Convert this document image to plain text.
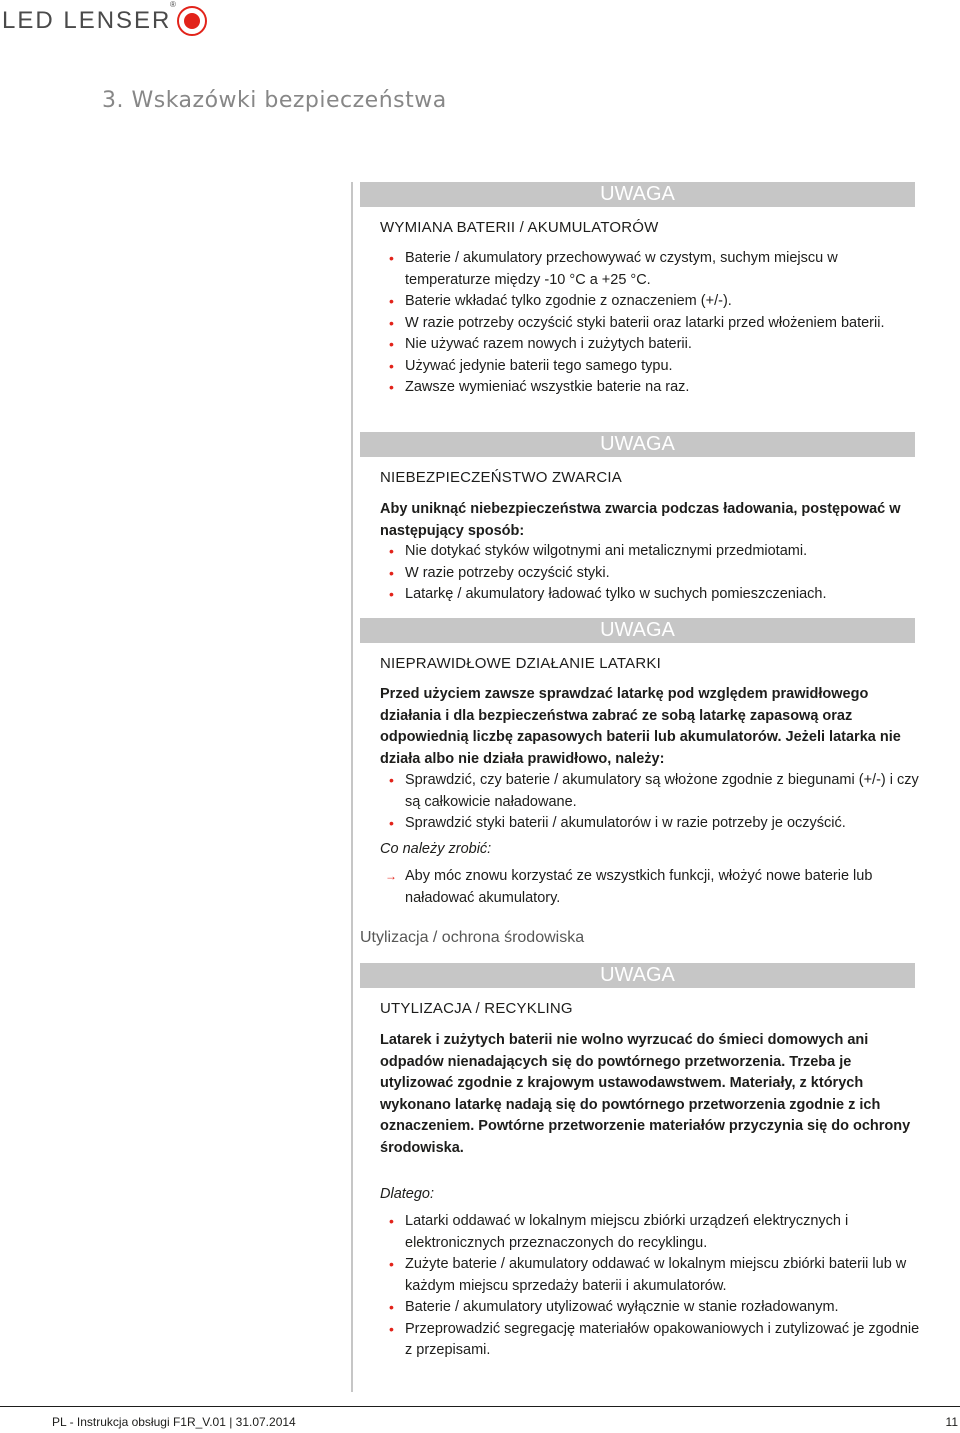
LED LENSER
®
3. Wskazówki bezpieczeństwa
UWAGA
WYMIANA BATERII / AKUMULATORÓW
• Baterie / akumulatory przechowywać w czystym, suchym miejscu w temperaturze między -10 °C a +25 °C.
• Baterie wkładać tylko zgodnie z oznaczeniem (+/-).
• W razie potrzeby oczyścić styki baterii oraz latarki przed włożeniem baterii.
• Nie używać razem nowych i zużytych baterii.
• Używać jedynie baterii tego samego typu.
• Zawsze wymieniać wszystkie baterie na raz.
UWAGA
NIEBEZPIECZEŃSTWO ZWARCIA

Aby uniknąć niebezpieczeństwa zwarcia podczas ładowania, postępować w następujący sposób:

• Nie dotykać styków wilgotnymi ani metalicznymi przedmiotami.
• W razie potrzeby oczyścić styki.
• Latarkę / akumulatory ładować tylko w suchych pomieszczeniach.
UWAGA
NIEPRAWIDŁOWE DZIAŁANIE LATARKI

Przed użyciem zawsze sprawdzać latarkę pod względem prawidłowego działania i dla bezpieczeństwa zabrać ze sobą latarkę zapasową oraz odpowiednią liczbę zapasowych baterii lub akumulatorów. Jeżeli latarka nie działa albo nie działa prawidłowo, należy:

• Sprawdzić, czy baterie / akumulatory są włożone zgodnie z biegunami (+/-) i czy są całkowicie naładowane.
• Sprawdzić styki baterii / akumulatorów i w razie potrzeby je oczyścić.

Co należy zrobić:

→ Aby móc znowu korzystać ze wszystkich funkcji, włożyć nowe baterie lub naładować akumulatory.
Utylizacja / ochrona środowiska
UWAGA
UTYLIZACJA / RECYKLING

Latarek i zużytych baterii nie wolno wyrzucać do śmieci domowych ani odpadów nienadających się do powtórnego przetworzenia. Trzeba je utylizować zgodnie z krajowym ustawodawstwem. Materiały, z których wykonano latarkę nadają się do powtórnego przetworzenia zgodnie z ich oznaczeniem. Powtórne przetworzenie materiałów przyczynia się do ochrony środowiska.

Dlatego:

• Latarki oddawać w lokalnym miejscu zbiórki urządzeń elektrycznych i elektronicznych przeznaczonych do recyklingu.
• Zużyte baterie / akumulatory oddawać w lokalnym miejscu zbiórki baterii lub w każdym miejscu sprzedaży baterii i akumulatorów.
• Baterie / akumulatory utylizować wyłącznie w stanie rozładowanym.
• Przeprowadzić segregację materiałów opakowaniowych i zutylizować je zgodnie z przepisami.
PL - Instrukcja obsługi F1R_V.01 | 31.07.2014	11
